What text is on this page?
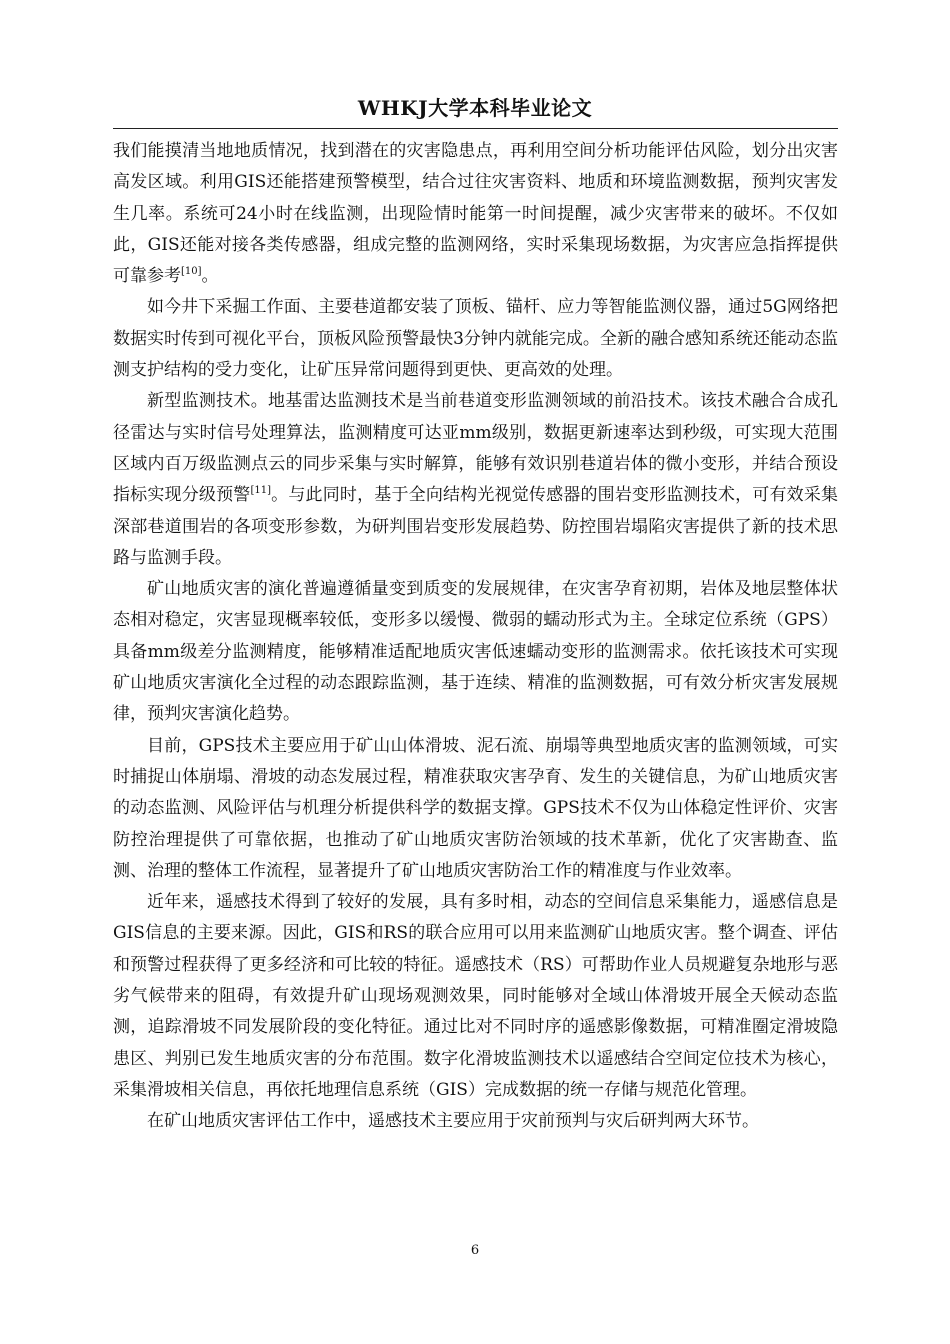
WHKJ大学本科毕业论文

我们能摸清当地地质情况，找到潜在的灾害隐患点，再利用空间分析功能评估风险，划分出灾害高发区域。利用GIS还能搭建预警模型，结合过往灾害资料、地质和环境监测数据，预判灾害发生几率。系统可24小时在线监测，出现险情时能第一时间提醒，减少灾害带来的破坏。不仅如此，GIS还能对接各类传感器，组成完整的监测网络，实时采集现场数据，为灾害应急指挥提供可靠参考[10]。

如今井下采掘工作面、主要巷道都安装了顶板、锚杆、应力等智能监测仪器，通过5G网络把数据实时传到可视化平台，顶板风险预警最快3分钟内就能完成。全新的融合感知系统还能动态监测支护结构的受力变化，让矿压异常问题得到更快、更高效的处理。

新型监测技术。地基雷达监测技术是当前巷道变形监测领域的前沿技术。该技术融合合成孔径雷达与实时信号处理算法，监测精度可达亚mm级别，数据更新速率达到秒级，可实现大范围区域内百万级监测点云的同步采集与实时解算，能够有效识别巷道岩体的微小变形，并结合预设指标实现分级预警[11]。与此同时，基于全向结构光视觉传感器的围岩变形监测技术，可有效采集深部巷道围岩的各项变形参数，为研判围岩变形发展趋势、防控围岩塌陷灾害提供了新的技术思路与监测手段。

矿山地质灾害的演化普遍遵循量变到质变的发展规律，在灾害孕育初期，岩体及地层整体状态相对稳定，灾害显现概率较低，变形多以缓慢、微弱的蠕动形式为主。全球定位系统（GPS）具备mm级差分监测精度，能够精准适配地质灾害低速蠕动变形的监测需求。依托该技术可实现矿山地质灾害演化全过程的动态跟踪监测，基于连续、精准的监测数据，可有效分析灾害发展规律，预判灾害演化趋势。

目前，GPS技术主要应用于矿山山体滑坡、泥石流、崩塌等典型地质灾害的监测领域，可实时捕捉山体崩塌、滑坡的动态发展过程，精准获取灾害孕育、发生的关键信息，为矿山地质灾害的动态监测、风险评估与机理分析提供科学的数据支撑。GPS技术不仅为山体稳定性评价、灾害防控治理提供了可靠依据，也推动了矿山地质灾害防治领域的技术革新，优化了灾害勘查、监测、治理的整体工作流程，显著提升了矿山地质灾害防治工作的精准度与作业效率。

近年来，遥感技术得到了较好的发展，具有多时相，动态的空间信息采集能力，遥感信息是GIS信息的主要来源。因此，GIS和RS的联合应用可以用来监测矿山地质灾害。整个调查、评估和预警过程获得了更多经济和可比较的特征。遥感技术（RS）可帮助作业人员规避复杂地形与恶劣气候带来的阻碍，有效提升矿山现场观测效果，同时能够对全域山体滑坡开展全天候动态监测，追踪滑坡不同发展阶段的变化特征。通过比对不同时序的遥感影像数据，可精准圈定滑坡隐患区、判别已发生地质灾害的分布范围。数字化滑坡监测技术以遥感结合空间定位技术为核心，采集滑坡相关信息，再依托地理信息系统（GIS）完成数据的统一存储与规范化管理。

在矿山地质灾害评估工作中，遥感技术主要应用于灾前预判与灾后研判两大环节。

6
